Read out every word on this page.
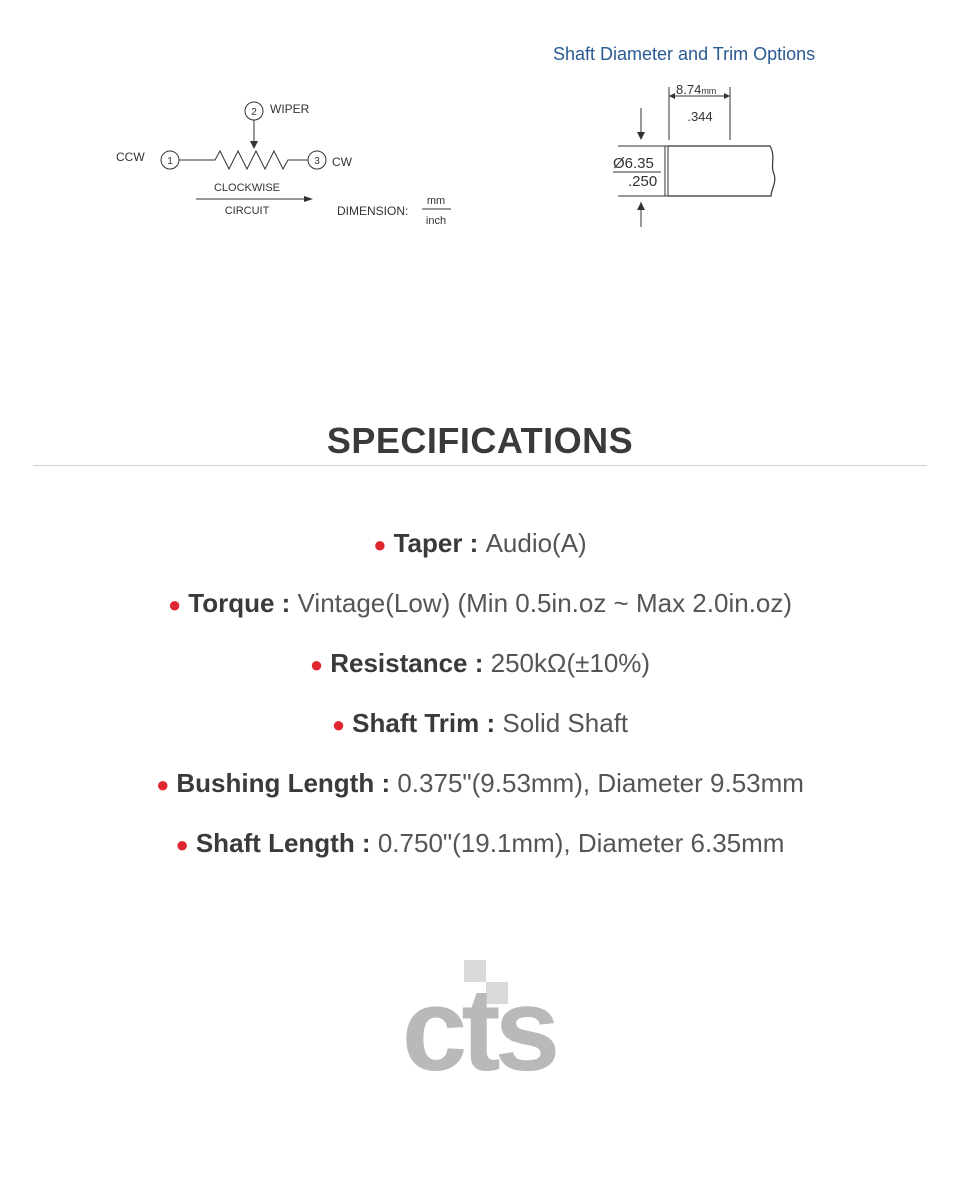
CCW 1	3 CW
2 WIPER
CLOCKWISE
CIRCUIT	DIMENSION:
mm
inch
Shaft Diameter and Trim Options
8.74mm
.344
Ø6.35
.250
SPECIFICATIONS
● Taper : Audio(A)
● Torque : Vintage(Low) (Min 0.5in.oz ~ Max 2.0in.oz)
● Resistance : 250kΩ(±10%)
● Shaft Trim : Solid Shaft
● Bushing Length : 0.375"(9.53mm), Diameter 9.53mm
● Shaft Length : 0.750"(19.1mm), Diameter 6.35mm
cts
